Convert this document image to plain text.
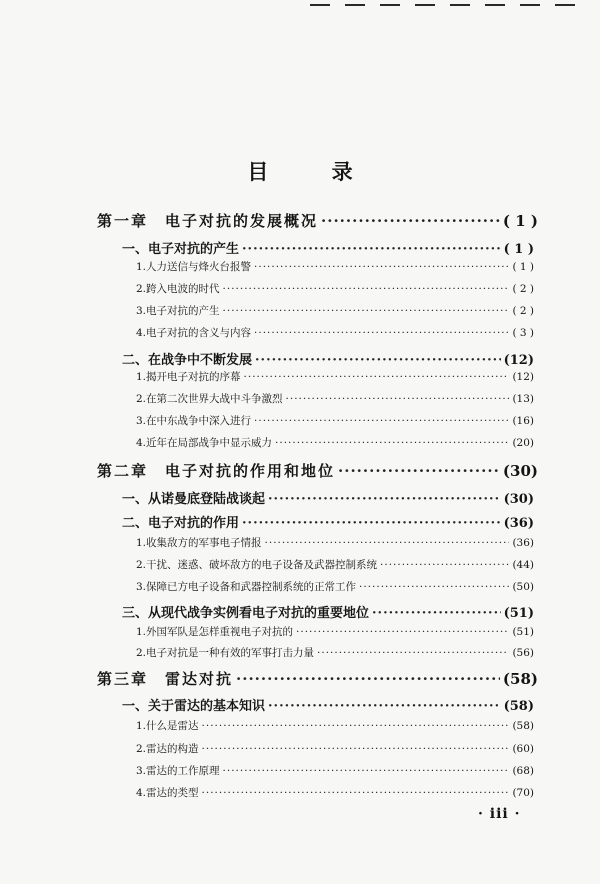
目 录
第一章　电子对抗的发展概况 ·····	( 1 )
一、电子对抗的产生 ·····	( 1 )
1.人力送信与烽火台报警 ·····	( 1 )
2.跨入电波的时代 ·····	( 2 )
3.电子对抗的产生 ·····	( 2 )
4.电子对抗的含义与内容 ·····	( 3 )
二、在战争中不断发展 ·····	(12)
1.揭开电子对抗的序幕 ·····	(12)
2.在第二次世界大战中斗争激烈 ·····	(13)
3.在中东战争中深入进行 ·····	(16)
4.近年在局部战争中显示威力 ·····	(20)
第二章　电子对抗的作用和地位 ·····	(30)
一、从诺曼底登陆战谈起 ·····	(30)
二、电子对抗的作用 ·····	(36)
1.收集敌方的军事电子情报 ·····	(36)
2.干扰、迷惑、破坏敌方的电子设备及武器控制系统 ·····	(44)
3.保障已方电子设备和武器控制系统的正常工作 ·····	(50)
三、从现代战争实例看电子对抗的重要地位 ·····	(51)
1.外国军队是怎样重视电子对抗的 ·····	(51)
2.电子对抗是一种有效的军事打击力量 ·····	(56)
第三章　雷达对抗 ·····	(58)
一、关于雷达的基本知识 ·····	(58)
1.什么是雷达 ·····	(58)
2.雷达的构造 ·····	(60)
3.雷达的工作原理 ·····	(68)
4.雷达的类型 ·····	(70)
· iii ·
